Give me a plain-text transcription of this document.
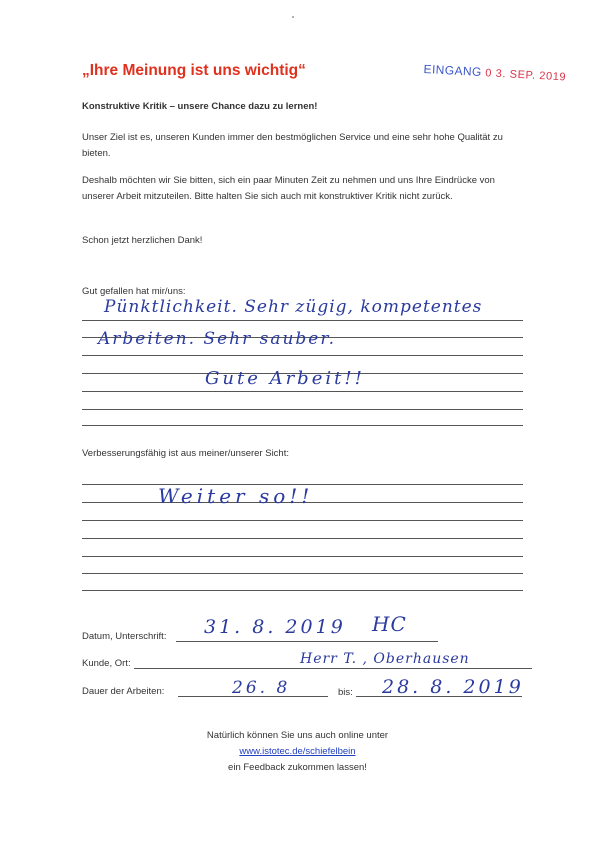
„Ihre Meinung ist uns wichtig“	EINGANG 0 3. SEP. 2019
Konstruktive Kritik – unsere Chance dazu zu lernen!
Unser Ziel ist es, unseren Kunden immer den bestmöglichen Service und eine sehr hohe Qualität zu bieten.
Deshalb möchten wir Sie bitten, sich ein paar Minuten Zeit zu nehmen und uns Ihre Eindrücke von unserer Arbeit mitzuteilen. Bitte halten Sie sich auch mit konstruktiver Kritik nicht zurück.
Schon jetzt herzlichen Dank!
Gut gefallen hat mir/uns:
Pünktlichkeit. Sehr zügig, kompetentes
Arbeiten. Sehr sauber.
Gute Arbeit!!
Verbesserungsfähig ist aus meiner/unserer Sicht:
Weiter so!!
Datum, Unterschrift: 31. 8. 2019 HC
Kunde, Ort:	Herr T. , Oberhausen
Dauer der Arbeiten:	26. 8	bis: 28. 8. 2019
Natürlich können Sie uns auch online unter
www.istotec.de/schiefelbein
ein Feedback zukommen lassen!
